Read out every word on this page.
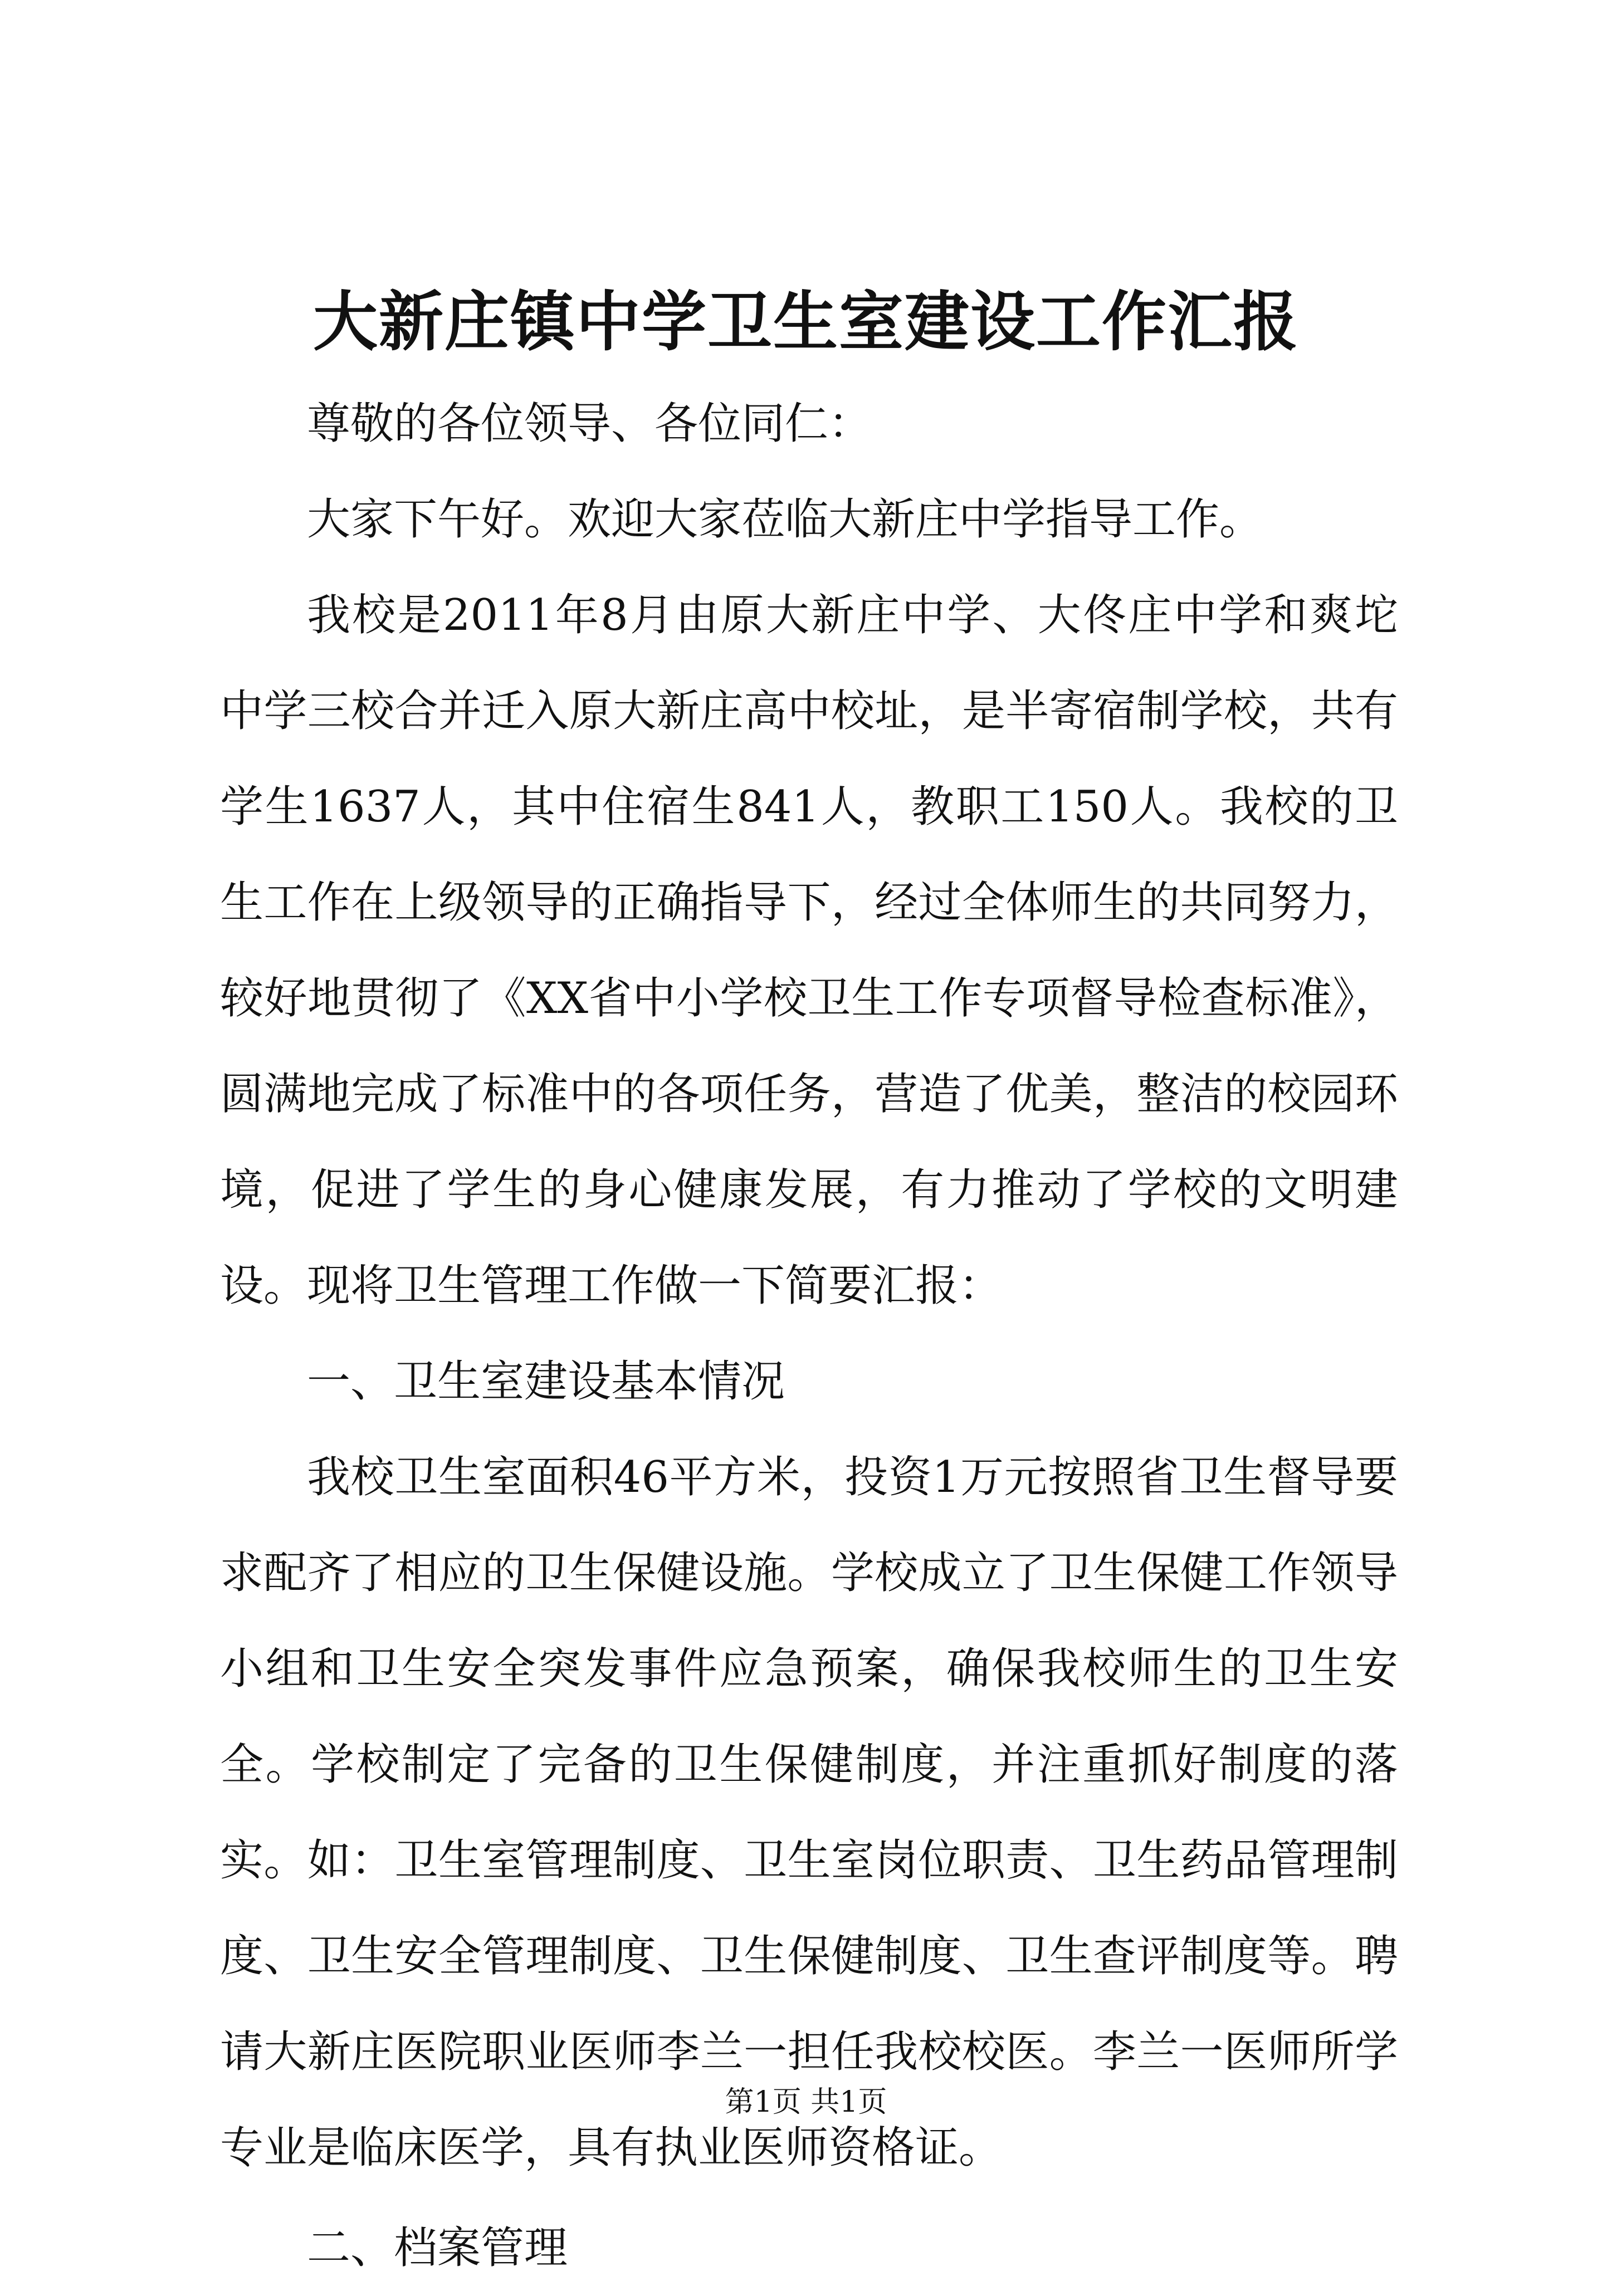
大新庄镇中学卫生室建设工作汇报

尊敬的各位领导、各位同仁：

大家下午好。欢迎大家莅临大新庄中学指导工作。

我校是2011年8月由原大新庄中学、大佟庄中学和爽坨中学三校合并迁入原大新庄高中校址，是半寄宿制学校，共有学生1637人，其中住宿生841人，教职工150人。我校的卫生工作在上级领导的正确指导下，经过全体师生的共同努力，较好地贯彻了《XX省中小学校卫生工作专项督导检查标准》，圆满地完成了标准中的各项任务，营造了优美，整洁的校园环境，促进了学生的身心健康发展，有力推动了学校的文明建设。现将卫生管理工作做一下简要汇报：

一、卫生室建设基本情况

我校卫生室面积46平方米，投资1万元按照省卫生督导要求配齐了相应的卫生保健设施。学校成立了卫生保健工作领导小组和卫生安全突发事件应急预案，确保我校师生的卫生安全。学校制定了完备的卫生保健制度，并注重抓好制度的落实。如：卫生室管理制度、卫生室岗位职责、卫生药品管理制度、卫生安全管理制度、卫生保健制度、卫生查评制度等。聘请大新庄医院职业医师李兰一担任我校校医。李兰一医师所学专业是临床医学，具有执业医师资格证。

二、档案管理

第1页 共1页
